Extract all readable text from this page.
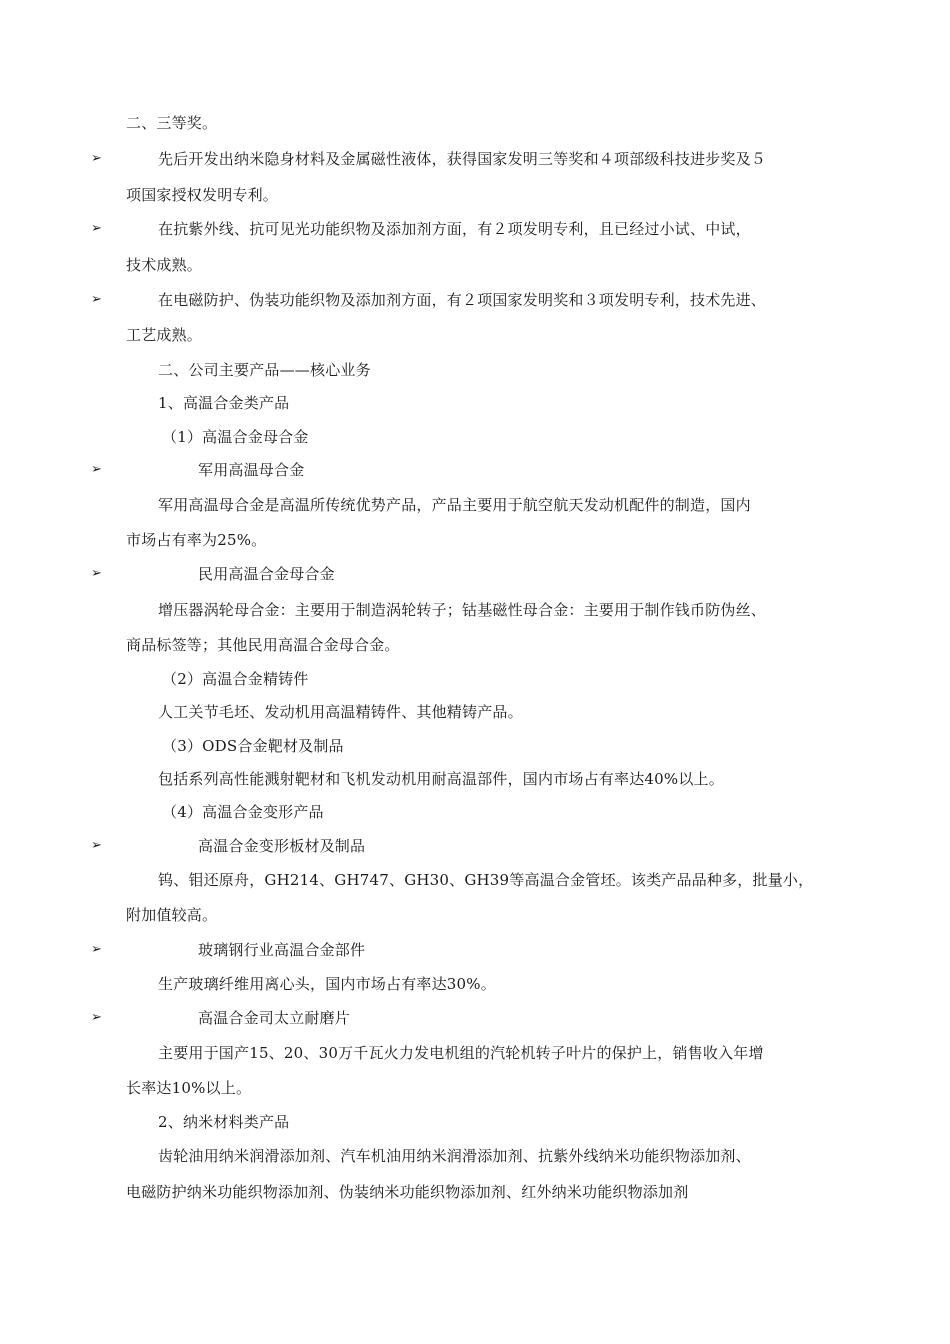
二、三等奖。
➢	先后开发出纳米隐身材料及金属磁性液体，获得国家发明三等奖和４项部级科技进步奖及５
项国家授权发明专利。
➢	在抗紫外线、抗可见光功能织物及添加剂方面，有２项发明专利，且已经过小试、中试，
技术成熟。
➢	在电磁防护、伪装功能织物及添加剂方面，有２项国家发明奖和３项发明专利，技术先进、
工艺成熟。
二、公司主要产品——核心业务
1、高温合金类产品
（1）高温合金母合金
➢	军用高温母合金
军用高温母合金是高温所传统优势产品，产品主要用于航空航天发动机配件的制造，国内
市场占有率为25%。
➢	民用高温合金母合金
增压器涡轮母合金：主要用于制造涡轮转子；钴基磁性母合金：主要用于制作钱币防伪丝、
商品标签等；其他民用高温合金母合金。
（2）高温合金精铸件
人工关节毛坯、发动机用高温精铸件、其他精铸产品。
（3）ODS合金靶材及制品
包括系列高性能溅射靶材和飞机发动机用耐高温部件，国内市场占有率达40%以上。
（4）高温合金变形产品
➢	高温合金变形板材及制品
钨、钼还原舟，GH214、GH747、GH30、GH39等高温合金管坯。该类产品品种多，批量小，
附加值较高。
➢	玻璃钢行业高温合金部件
生产玻璃纤维用离心头，国内市场占有率达30%。
➢	高温合金司太立耐磨片
主要用于国产15、20、30万千瓦火力发电机组的汽轮机转子叶片的保护上，销售收入年增
长率达10%以上。
2、纳米材料类产品
齿轮油用纳米润滑添加剂、汽车机油用纳米润滑添加剂、抗紫外线纳米功能织物添加剂、
电磁防护纳米功能织物添加剂、伪装纳米功能织物添加剂、红外纳米功能织物添加剂
